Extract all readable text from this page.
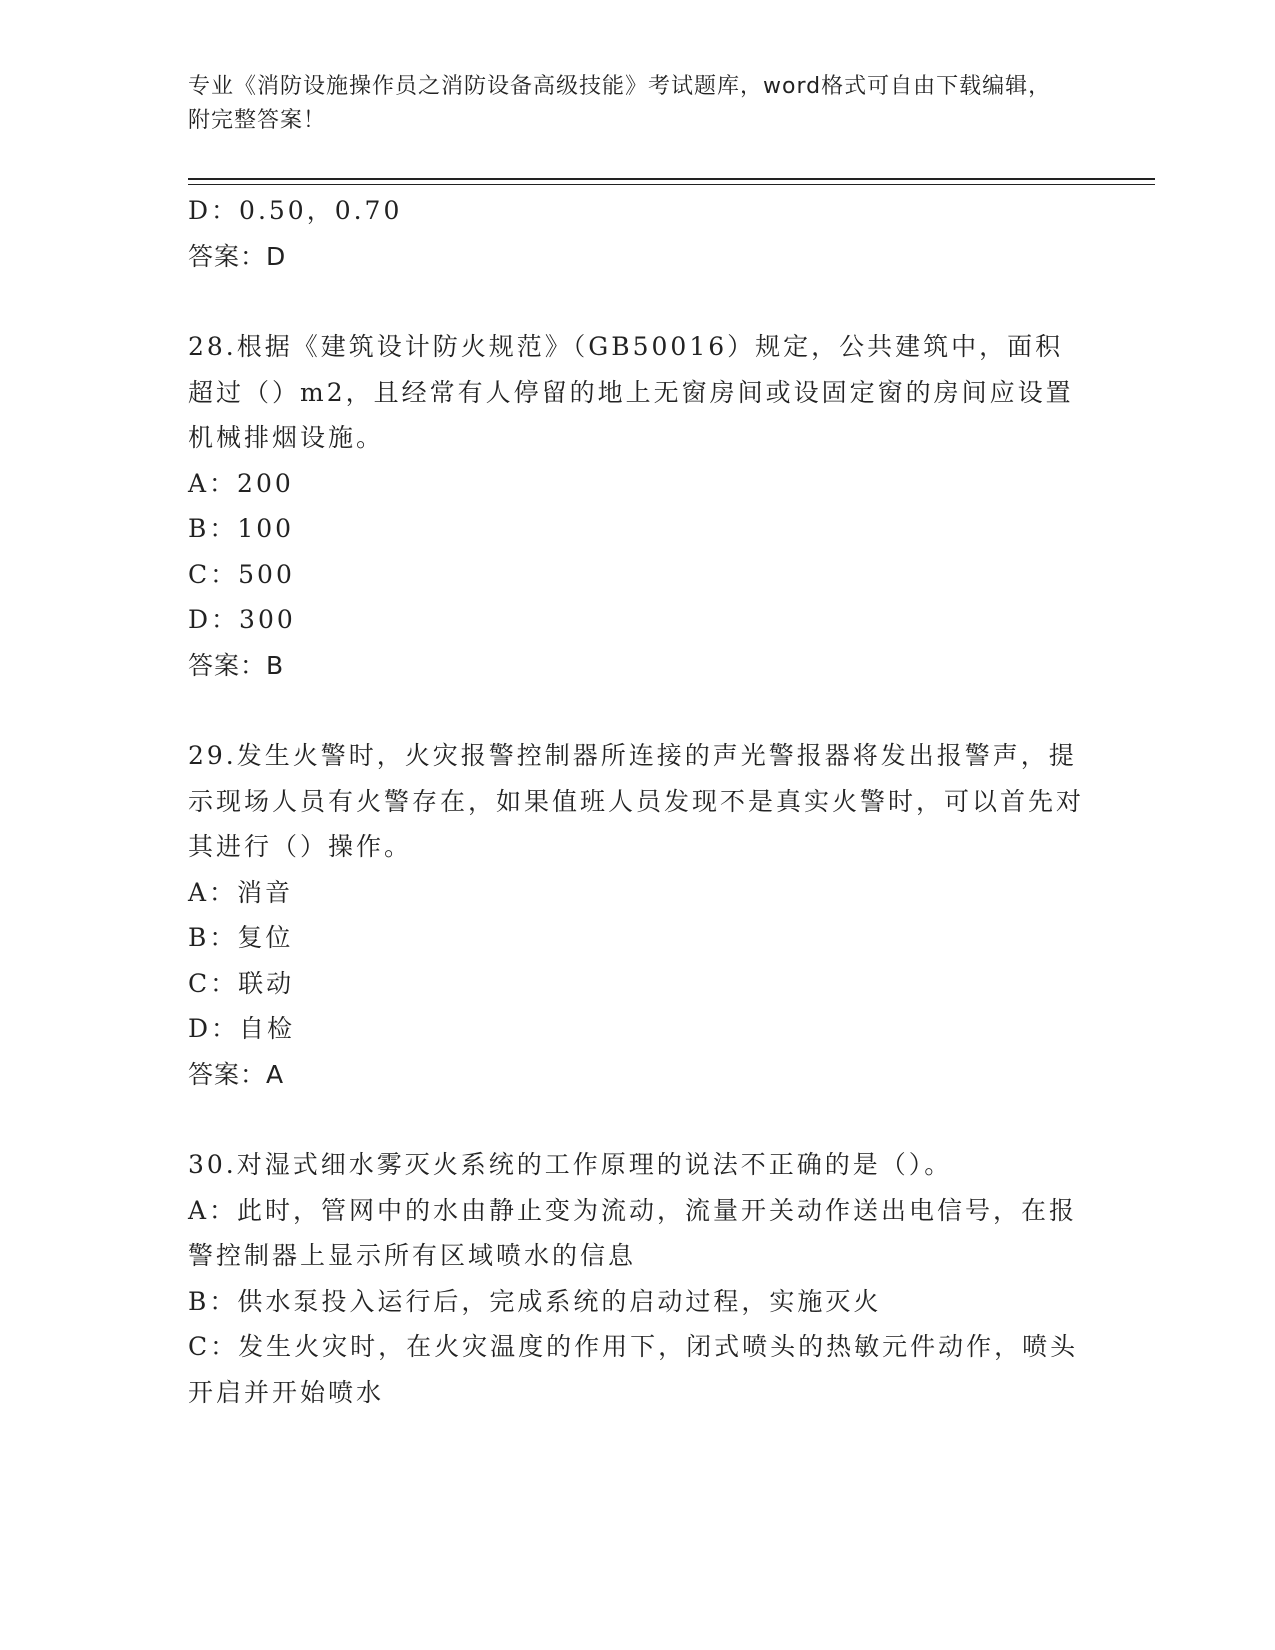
专业《消防设施操作员之消防设备高级技能》考试题库，word格式可自由下载编辑，附完整答案！
D：0.50，0.70
答案：D
28.根据《建筑设计防火规范》（GB50016）规定，公共建筑中，面积超过（）m2，且经常有人停留的地上无窗房间或设固定窗的房间应设置机械排烟设施。
A：200
B：100
C：500
D：300
答案：B
29.发生火警时，火灾报警控制器所连接的声光警报器将发出报警声，提示现场人员有火警存在，如果值班人员发现不是真实火警时，可以首先对其进行（）操作。
A：消音
B：复位
C：联动
D：自检
答案：A
30.对湿式细水雾灭火系统的工作原理的说法不正确的是（）。
A：此时，管网中的水由静止变为流动，流量开关动作送出电信号，在报警控制器上显示所有区域喷水的信息
B：供水泵投入运行后，完成系统的启动过程，实施灭火
C：发生火灾时，在火灾温度的作用下，闭式喷头的热敏元件动作，喷头开启并开始喷水
